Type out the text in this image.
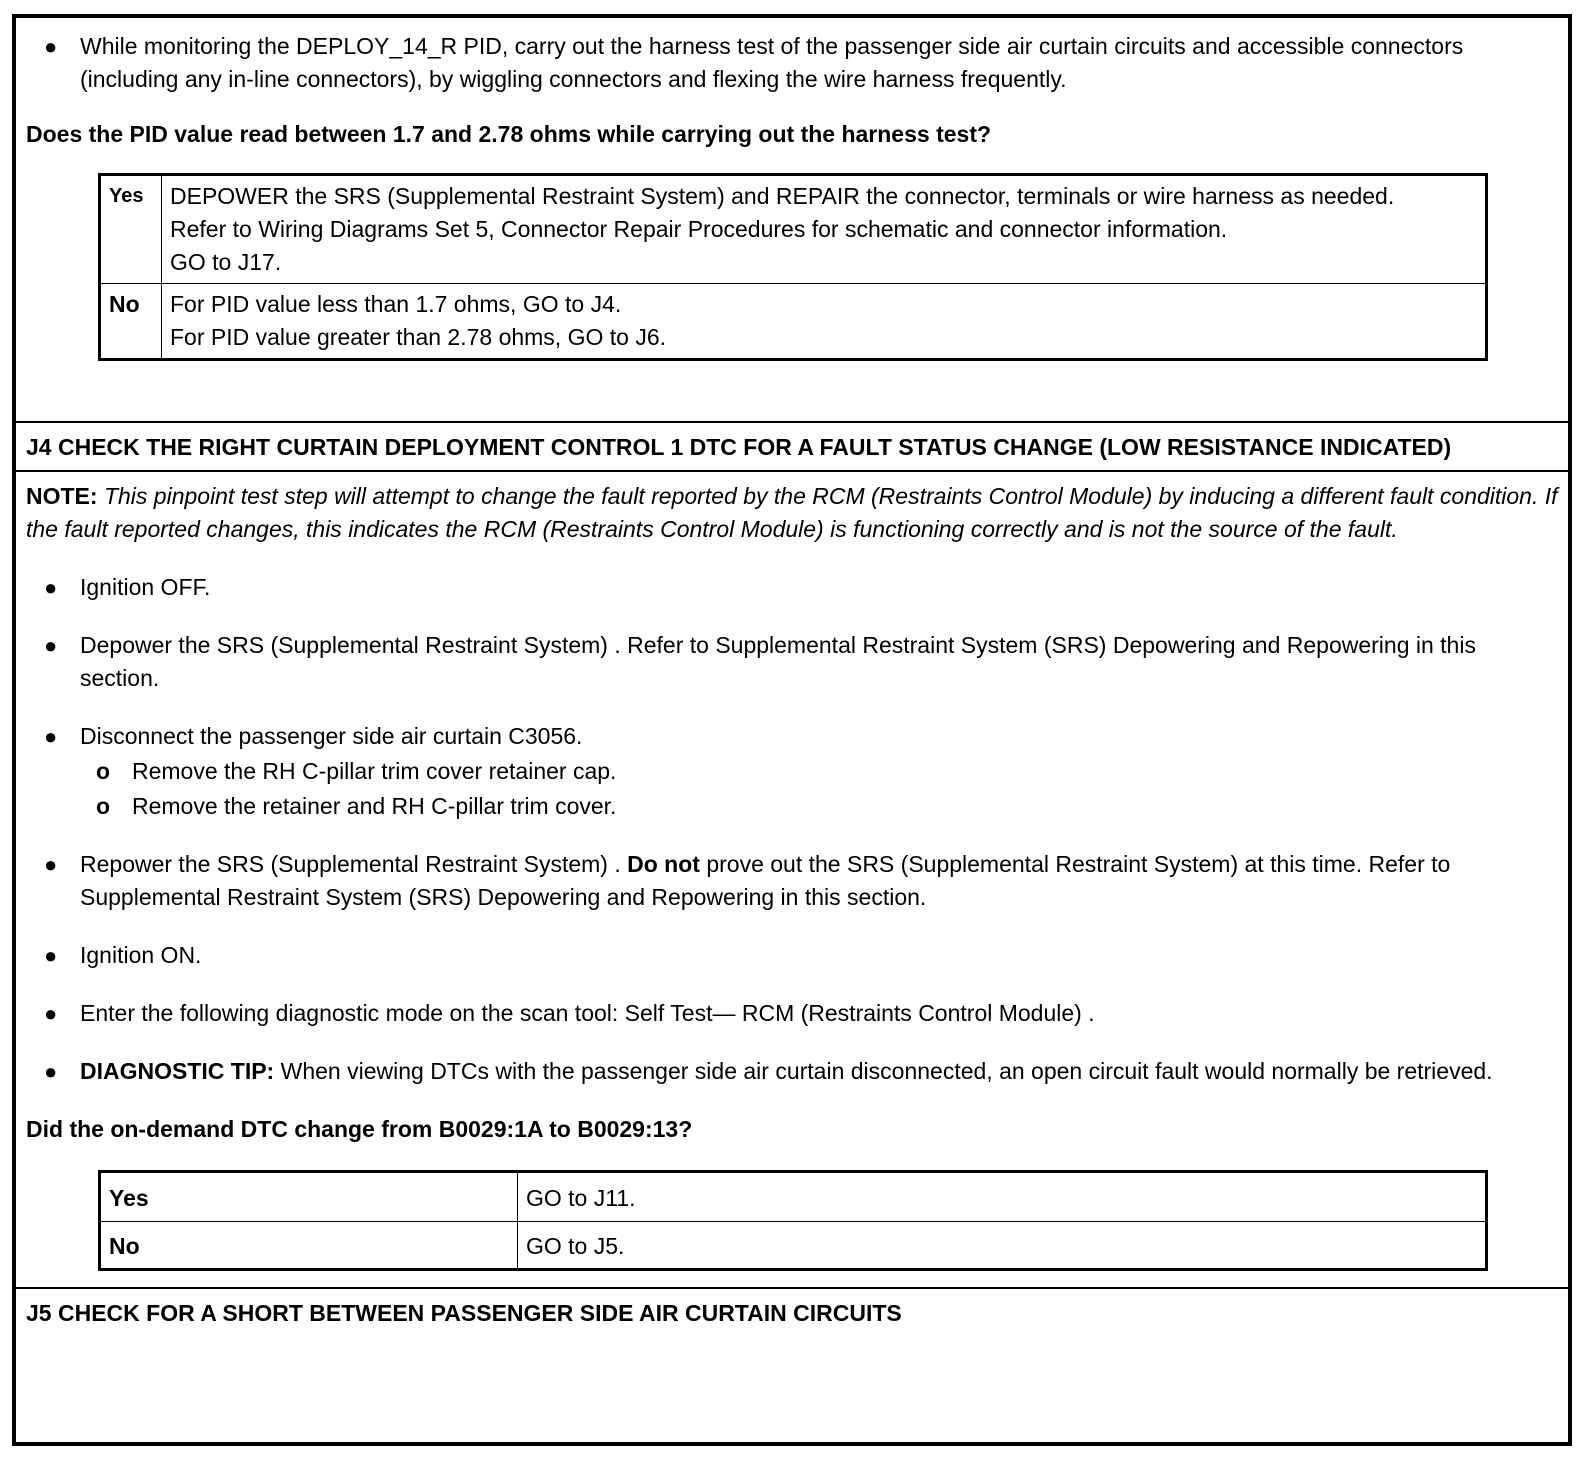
● While monitoring the DEPLOY_14_R PID, carry out the harness test of the passenger side air curtain circuits and accessible connectors (including any in-line connectors), by wiggling connectors and flexing the wire harness frequently.
Does the PID value read between 1.7 and 2.78 ohms while carrying out the harness test?
Yes	DEPOWER the SRS (Supplemental Restraint System) and REPAIR the connector, terminals or wire harness as needed.
Refer to Wiring Diagrams Set 5, Connector Repair Procedures for schematic and connector information.
GO to J17.

No	For PID value less than 1.7 ohms, GO to J4.
For PID value greater than 2.78 ohms, GO to J6.
J4 CHECK THE RIGHT CURTAIN DEPLOYMENT CONTROL 1 DTC FOR A FAULT STATUS CHANGE (LOW RESISTANCE INDICATED)
NOTE: This pinpoint test step will attempt to change the fault reported by the RCM (Restraints Control Module) by inducing a different fault condition. If the fault reported changes, this indicates the RCM (Restraints Control Module) is functioning correctly and is not the source of the fault.
● Ignition OFF.
● Depower the SRS (Supplemental Restraint System) . Refer to Supplemental Restraint System (SRS) Depowering and Repowering in this section.
● Disconnect the passenger side air curtain C3056.
o Remove the RH C-pillar trim cover retainer cap.
o Remove the retainer and RH C-pillar trim cover.
● Repower the SRS (Supplemental Restraint System) . Do not prove out the SRS (Supplemental Restraint System) at this time. Refer to Supplemental Restraint System (SRS) Depowering and Repowering in this section.
● Ignition ON.
● Enter the following diagnostic mode on the scan tool: Self Test— RCM (Restraints Control Module) .
● DIAGNOSTIC TIP: When viewing DTCs with the passenger side air curtain disconnected, an open circuit fault would normally be retrieved.
Did the on-demand DTC change from B0029:1A to B0029:13?
Yes	GO to J11.
No	GO to J5.
J5 CHECK FOR A SHORT BETWEEN PASSENGER SIDE AIR CURTAIN CIRCUITS
